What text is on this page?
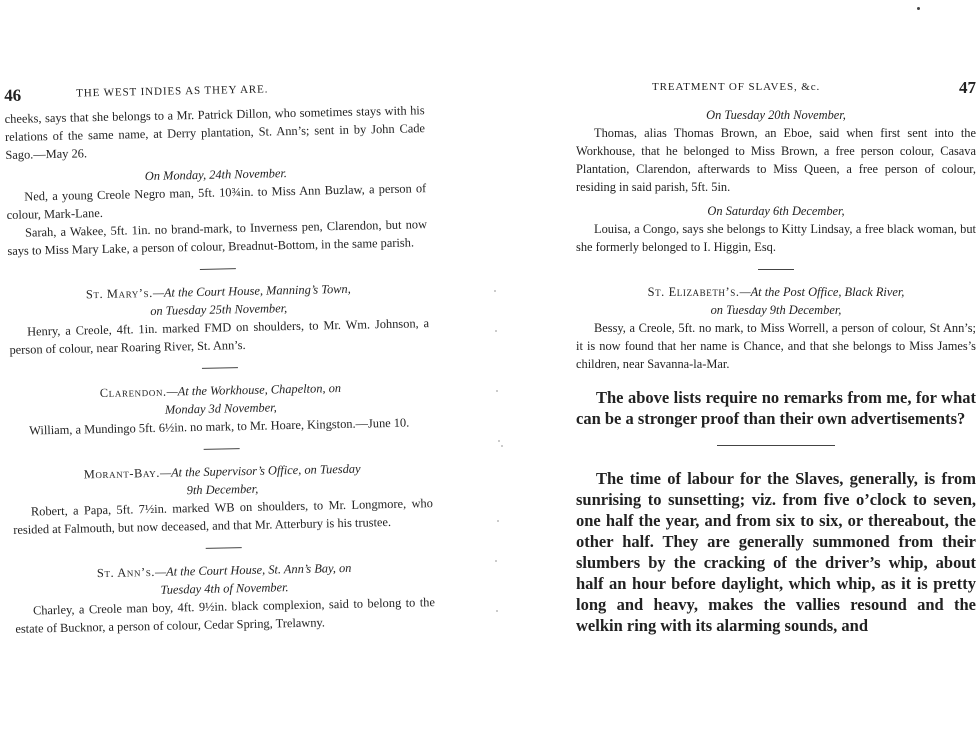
46	THE WEST INDIES AS THEY ARE.

cheeks, says that she belongs to a Mr. Patrick Dillon, who sometimes stays with his relations of the same name, at Derry plantation, St. Ann’s; sent in by John Cade Sago.—May 26.

On Monday, 24th November.

Ned, a young Creole Negro man, 5ft. 10¾in. to Miss Ann Buzlaw, a person of colour, Mark-Lane.

Sarah, a Wakee, 5ft. 1in. no brand-mark, to Inverness pen, Clarendon, but now says to Miss Mary Lake, a person of colour, Breadnut-Bottom, in the same parish.

St. Mary’s.—At the Court House, Manning’s Town,
on Tuesday 25th November,

Henry, a Creole, 4ft. 1in. marked FMD on shoulders, to Mr. Wm. Johnson, a person of colour, near Roaring River, St. Ann’s.

Clarendon.—At the Workhouse, Chapelton, on
Monday 3d November,

William, a Mundingo 5ft. 6½in. no mark, to Mr. Hoare, Kingston.—June 10.

Morant-Bay.—At the Supervisor’s Office, on Tuesday
9th December,

Robert, a Papa, 5ft. 7½in. marked WB on shoulders, to Mr. Longmore, who resided at Falmouth, but now deceased, and that Mr. Atterbury is his trustee.

St. Ann’s.—At the Court House, St. Ann’s Bay, on
Tuesday 4th of November.

Charley, a Creole man boy, 4ft. 9½in. black complexion, said to belong to the estate of Bucknor, a person of colour, Cedar Spring, Trelawny.

TREATMENT OF SLAVES, &c.	47
On Tuesday 20th November,

Thomas, alias Thomas Brown, an Eboe, said when first sent into the Workhouse, that he belonged to Miss Brown, a free person colour, Casava Plantation, Clarendon, afterwards to Miss Queen, a free person of colour, residing in said parish, 5ft. 5in.

On Saturday 6th December,

Louisa, a Congo, says she belongs to Kitty Lindsay, a free black woman, but she formerly belonged to I. Higgin, Esq.

St. Elizabeth’s.—At the Post Office, Black River,
on Tuesday 9th December,

Bessy, a Creole, 5ft. no mark, to Miss Worrell, a person of colour, St Ann’s; it is now found that her name is Chance, and that she belongs to Miss James’s children, near Savanna-la-Mar.

The above lists require no remarks from me, for what can be a stronger proof than their own advertisements?

The time of labour for the Slaves, generally, is from sunrising to sunsetting; viz. from five o’clock to seven, one half the year, and from six to six, or thereabout, the other half. They are generally summoned from their slumbers by the cracking of the driver’s whip, about half an hour before daylight, which whip, as it is pretty long and heavy, makes the vallies resound and the welkin ring with its alarming sounds, and
